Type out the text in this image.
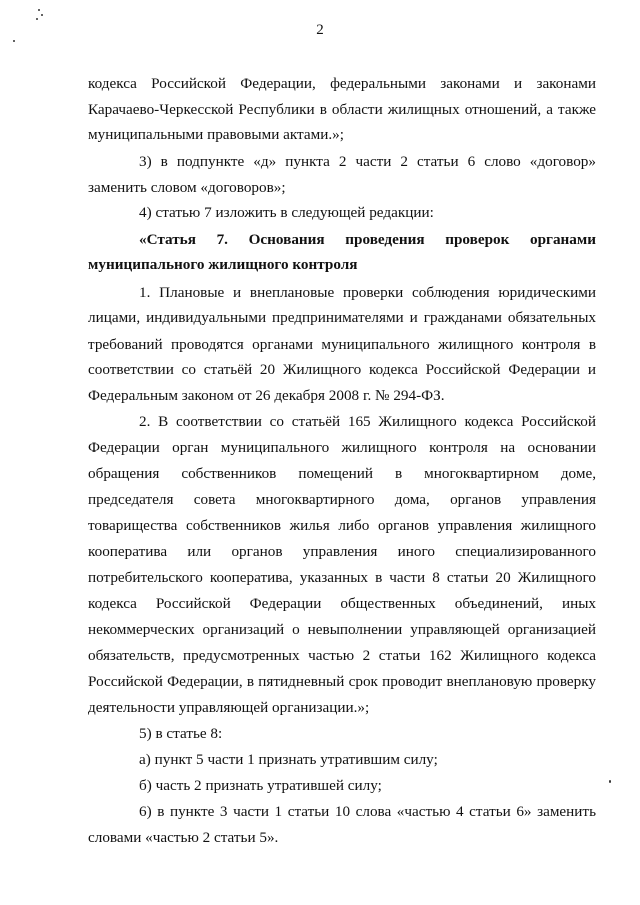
2
кодекса Российской Федерации, федеральными законами и законами
Карачаево-Черкесской Республики в области жилищных отношений, а также
муниципальными правовыми актами.»;
3) в подпункте «д» пункта 2 части 2 статьи 6 слово «договор»
заменить словом «договоров»;
4) статью 7 изложить в следующей редакции:
«Статья 7. Основания проведения проверок органами
муниципального жилищного контроля
1. Плановые и внеплановые проверки соблюдения юридическими
лицами, индивидуальными предпринимателями и гражданами обязательных
требований проводятся органами муниципального жилищного контроля в
соответствии со статьёй 20 Жилищного кодекса Российской Федерации и
Федеральным законом от 26 декабря 2008 г. № 294-ФЗ.
2. В соответствии со статьёй 165 Жилищного кодекса Российской
Федерации орган муниципального жилищного контроля на основании
обращения собственников помещений в многоквартирном доме,
председателя совета многоквартирного дома, органов управления
товарищества собственников жилья либо органов управления жилищного
кооператива или органов управления иного специализированного
потребительского кооператива, указанных в части 8 статьи 20 Жилищного
кодекса Российской Федерации общественных объединений, иных
некоммерческих организаций о невыполнении управляющей организацией
обязательств, предусмотренных частью 2 статьи 162 Жилищного кодекса
Российской Федерации, в пятидневный срок проводит внеплановую проверку
деятельности управляющей организации.»;
5) в статье 8:
а) пункт 5 части 1 признать утратившим силу;
б) часть 2 признать утратившей силу;
6) в пункте 3 части 1 статьи 10 слова «частью 4 статьи 6» заменить
словами «частью 2 статьи 5».
